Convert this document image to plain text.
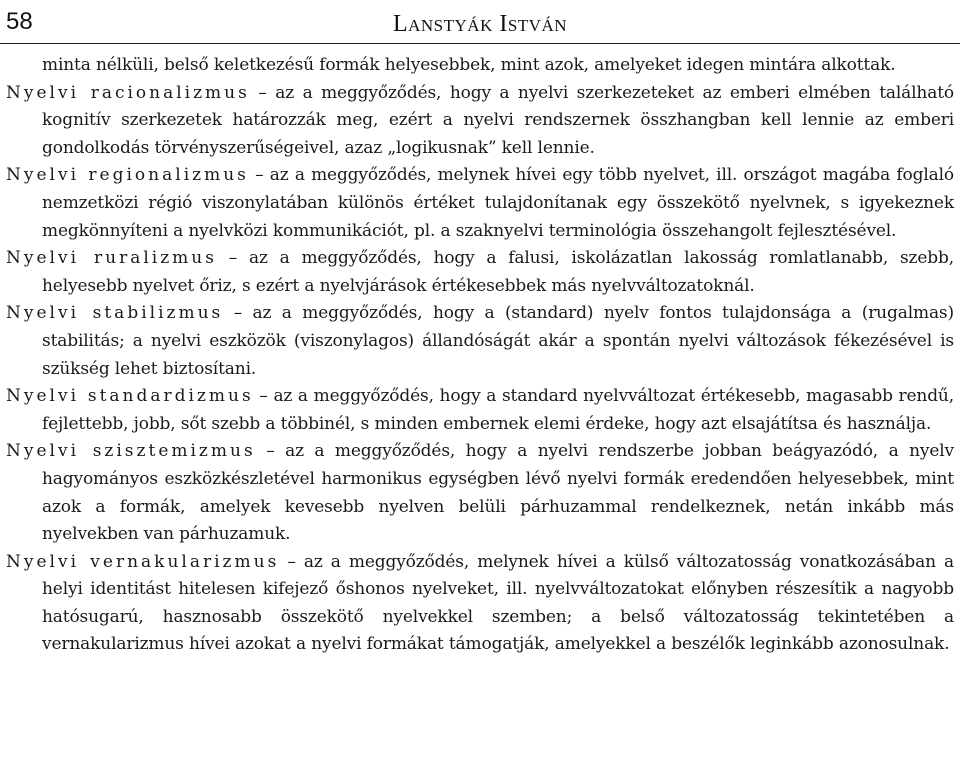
58	Lanstyák István

minta nélküli, belső keletkezésű formák helyesebbek, mint azok, amelyeket idegen mintára alkottak.

Nyelvi racionalizmus – az a meggyőződés, hogy a nyelvi szerkezeteket az emberi elmében található kognitív szerkezetek határozzák meg, ezért a nyelvi rendszernek összhangban kell lennie az emberi gondolkodás törvényszerűségeivel, azaz „logikusnak” kell lennie.

Nyelvi regionalizmus – az a meggyőződés, melynek hívei egy több nyelvet, ill. országot magába foglaló nemzetközi régió viszonylatában különös értéket tulajdonítanak egy összekötő nyelvnek, s igyekeznek megkönnyíteni a nyelvközi kommunikációt, pl. a szaknyelvi terminológia összehangolt fejlesztésével.

Nyelvi ruralizmus – az a meggyőződés, hogy a falusi, iskolázatlan lakosság romlatlanabb, szebb, helyesebb nyelvet őriz, s ezért a nyelvjárások értékesebbek más nyelvváltozatoknál.

Nyelvi stabilizmus – az a meggyőződés, hogy a (standard) nyelv fontos tulajdonsága a (rugalmas) stabilitás; a nyelvi eszközök (viszonylagos) állandóságát akár a spontán nyelvi változások fékezésével is szükség lehet biztosítani.

Nyelvi standardizmus – az a meggyőződés, hogy a standard nyelvváltozat értékesebb, magasabb rendű, fejlettebb, jobb, sőt szebb a többinél, s minden embernek elemi érdeke, hogy azt elsajátítsa és használja.

Nyelvi szisztemizmus – az a meggyőződés, hogy a nyelvi rendszerbe jobban beágyazódó, a nyelv hagyományos eszközkészletével harmonikus egységben lévő nyelvi formák eredendően helyesebbek, mint azok a formák, amelyek kevesebb nyelven belüli párhuzammal rendelkeznek, netán inkább más nyelvekben van párhuzamuk.

Nyelvi vernakularizmus – az a meggyőződés, melynek hívei a külső változatosság vonatkozásában a helyi identitást hitelesen kifejező őshonos nyelveket, ill. nyelvváltozatokat előnyben részesítik a nagyobb hatósugarú, hasznosabb összekötő nyelvekkel szemben; a belső változatosság tekintetében a vernakularizmus hívei azokat a nyelvi formákat támogatják, amelyekkel a beszélők leginkább azonosulnak.
